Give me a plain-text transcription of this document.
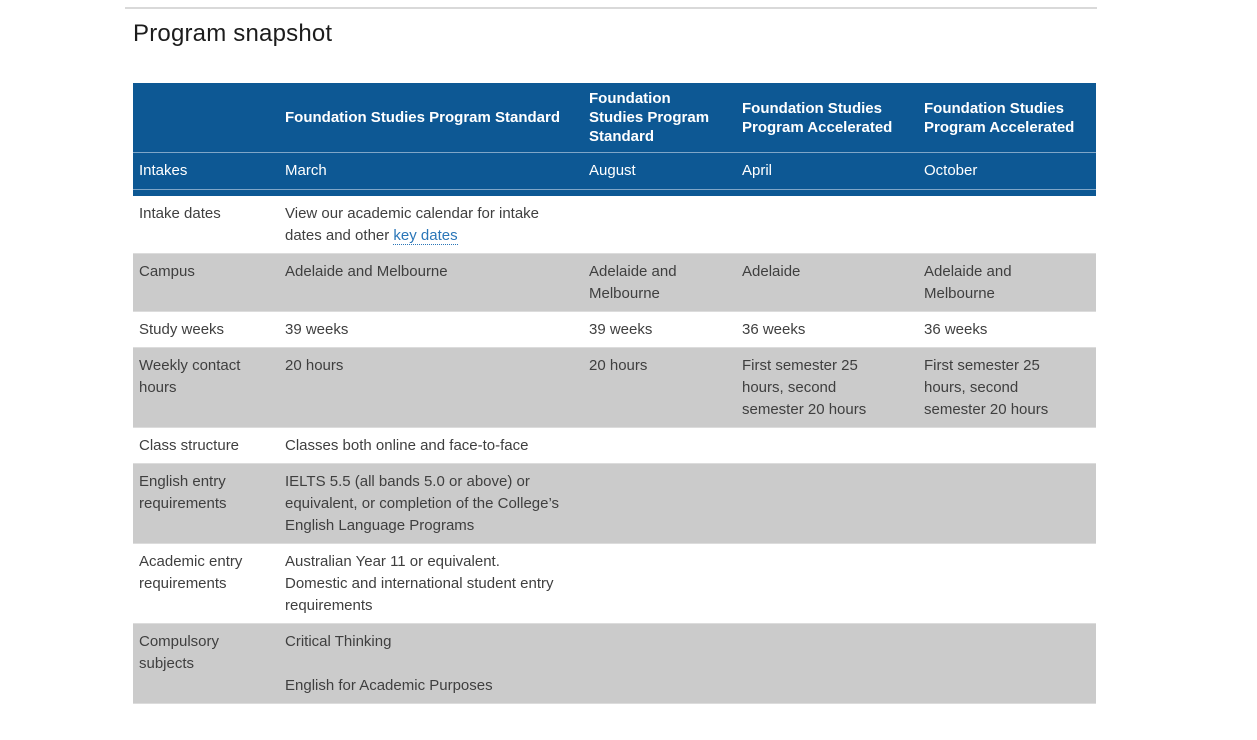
Program snapshot
	Foundation Studies Program Standard	Foundation Studies Program Standard	Foundation Studies Program Accelerated	Foundation Studies Program Accelerated
Intakes	March	August	April	October

Intake dates	View our academic calendar for intake dates and other key dates			
Campus	Adelaide and Melbourne	Adelaide and Melbourne	Adelaide	Adelaide and Melbourne
Study weeks	39 weeks	39 weeks	36 weeks	36 weeks
Weekly contact hours	20 hours	20 hours	First semester 25 hours, second semester 20 hours	First semester 25 hours, second semester 20 hours
Class structure	Classes both online and face-to-face			
English entry requirements	IELTS 5.5 (all bands 5.0 or above) or equivalent, or completion of the College’s English Language Programs			
Academic entry requirements	Australian Year 11 or equivalent. Domestic and international student entry requirements			
Compulsory subjects	Critical Thinking

English for Academic Purposes			
